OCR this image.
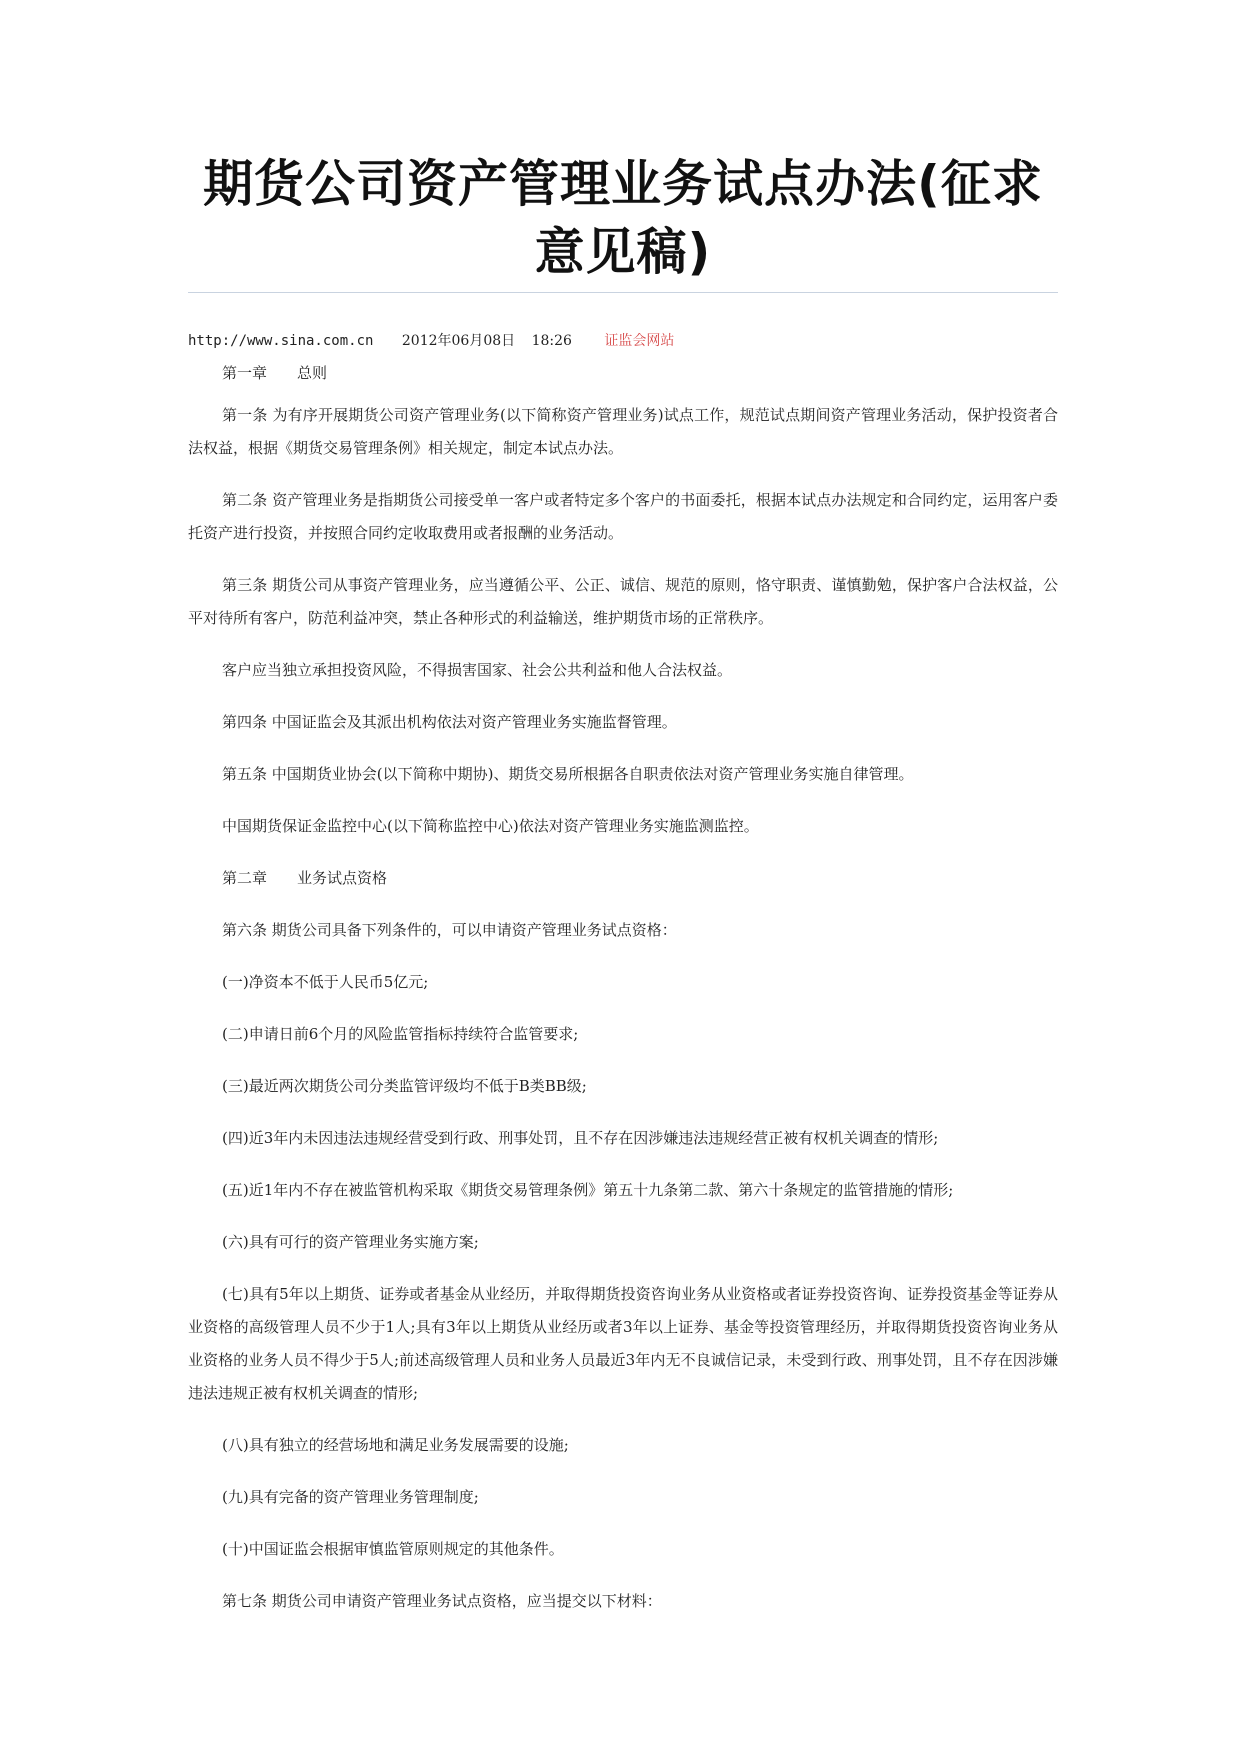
期货公司资产管理业务试点办法(征求意见稿)
http://www.sina.com.cn 2012年06月08日 18:26 证监会网站

第一章　　总则

第一条 为有序开展期货公司资产管理业务(以下简称资产管理业务)试点工作，规范试点期间资产管理业务活动，保护投资者合法权益，根据《期货交易管理条例》相关规定，制定本试点办法。

第二条 资产管理业务是指期货公司接受单一客户或者特定多个客户的书面委托，根据本试点办法规定和合同约定，运用客户委托资产进行投资，并按照合同约定收取费用或者报酬的业务活动。

第三条 期货公司从事资产管理业务，应当遵循公平、公正、诚信、规范的原则，恪守职责、谨慎勤勉，保护客户合法权益，公平对待所有客户，防范利益冲突，禁止各种形式的利益输送，维护期货市场的正常秩序。

客户应当独立承担投资风险，不得损害国家、社会公共利益和他人合法权益。

第四条 中国证监会及其派出机构依法对资产管理业务实施监督管理。

第五条 中国期货业协会(以下简称中期协)、期货交易所根据各自职责依法对资产管理业务实施自律管理。

中国期货保证金监控中心(以下简称监控中心)依法对资产管理业务实施监测监控。

第二章　　业务试点资格

第六条 期货公司具备下列条件的，可以申请资产管理业务试点资格：

(一)净资本不低于人民币5亿元;

(二)申请日前6个月的风险监管指标持续符合监管要求;

(三)最近两次期货公司分类监管评级均不低于B类BB级;

(四)近3年内未因违法违规经营受到行政、刑事处罚，且不存在因涉嫌违法违规经营正被有权机关调查的情形;

(五)近1年内不存在被监管机构采取《期货交易管理条例》第五十九条第二款、第六十条规定的监管措施的情形;

(六)具有可行的资产管理业务实施方案;

(七)具有5年以上期货、证券或者基金从业经历，并取得期货投资咨询业务从业资格或者证券投资咨询、证券投资基金等证券从业资格的高级管理人员不少于1人;具有3年以上期货从业经历或者3年以上证券、基金等投资管理经历，并取得期货投资咨询业务从业资格的业务人员不得少于5人;前述高级管理人员和业务人员最近3年内无不良诚信记录，未受到行政、刑事处罚，且不存在因涉嫌违法违规正被有权机关调查的情形;

(八)具有独立的经营场地和满足业务发展需要的设施;

(九)具有完备的资产管理业务管理制度;

(十)中国证监会根据审慎监管原则规定的其他条件。

第七条 期货公司申请资产管理业务试点资格，应当提交以下材料：
